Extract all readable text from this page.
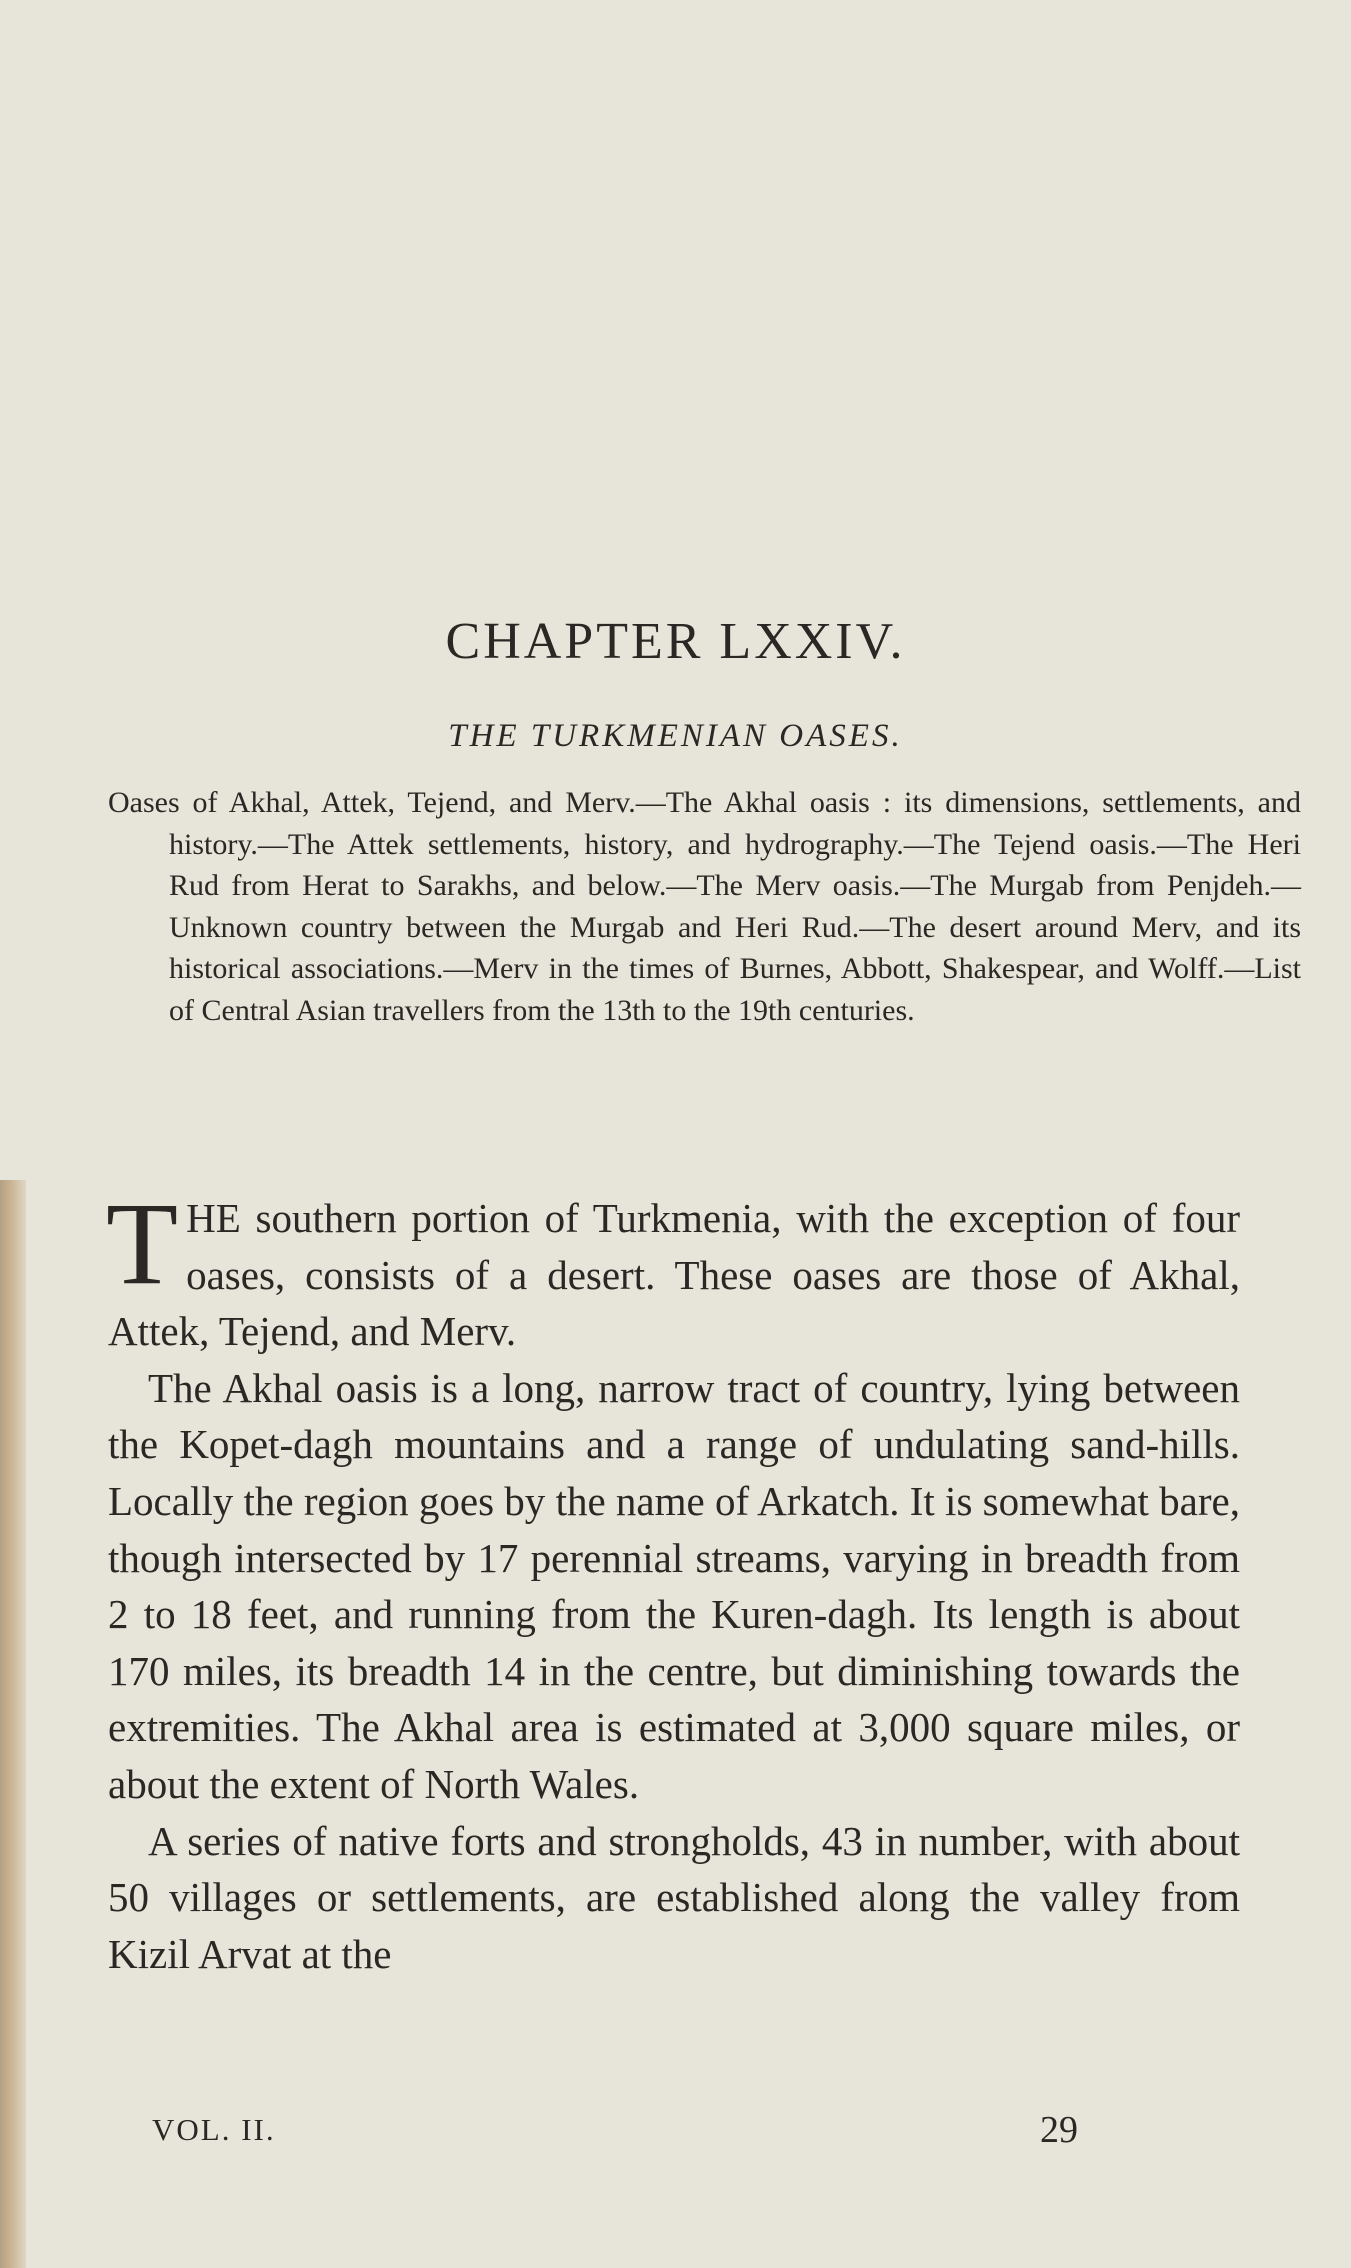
CHAPTER LXXIV.
THE TURKMENIAN OASES.

Oases of Akhal, Attek, Tejend, and Merv.—The Akhal oasis : its dimensions, settlements, and history.—The Attek settlements, history, and hydrography.—The Tejend oasis.—The Heri Rud from Herat to Sarakhs, and below.—The Merv oasis.—The Murgab from Penjdeh.—Unknown country between the Murgab and Heri Rud.—The desert around Merv, and its historical associations.—Merv in the times of Burnes, Abbott, Shakespear, and Wolff.—List of Central Asian travellers from the 13th to the 19th centuries.

THE southern portion of Turkmenia, with the exception of four oases, consists of a desert. These oases are those of Akhal, Attek, Tejend, and Merv.

The Akhal oasis is a long, narrow tract of country, lying between the Kopet-dagh mountains and a range of undulating sand-hills. Locally the region goes by the name of Arkatch. It is somewhat bare, though intersected by 17 perennial streams, varying in breadth from 2 to 18 feet, and running from the Kuren-dagh. Its length is about 170 miles, its breadth 14 in the centre, but diminishing towards the extremities. The Akhal area is estimated at 3,000 square miles, or about the extent of North Wales.

A series of native forts and strongholds, 43 in number, with about 50 villages or settlements, are established along the valley from Kizil Arvat at the

VOL. II.	29
